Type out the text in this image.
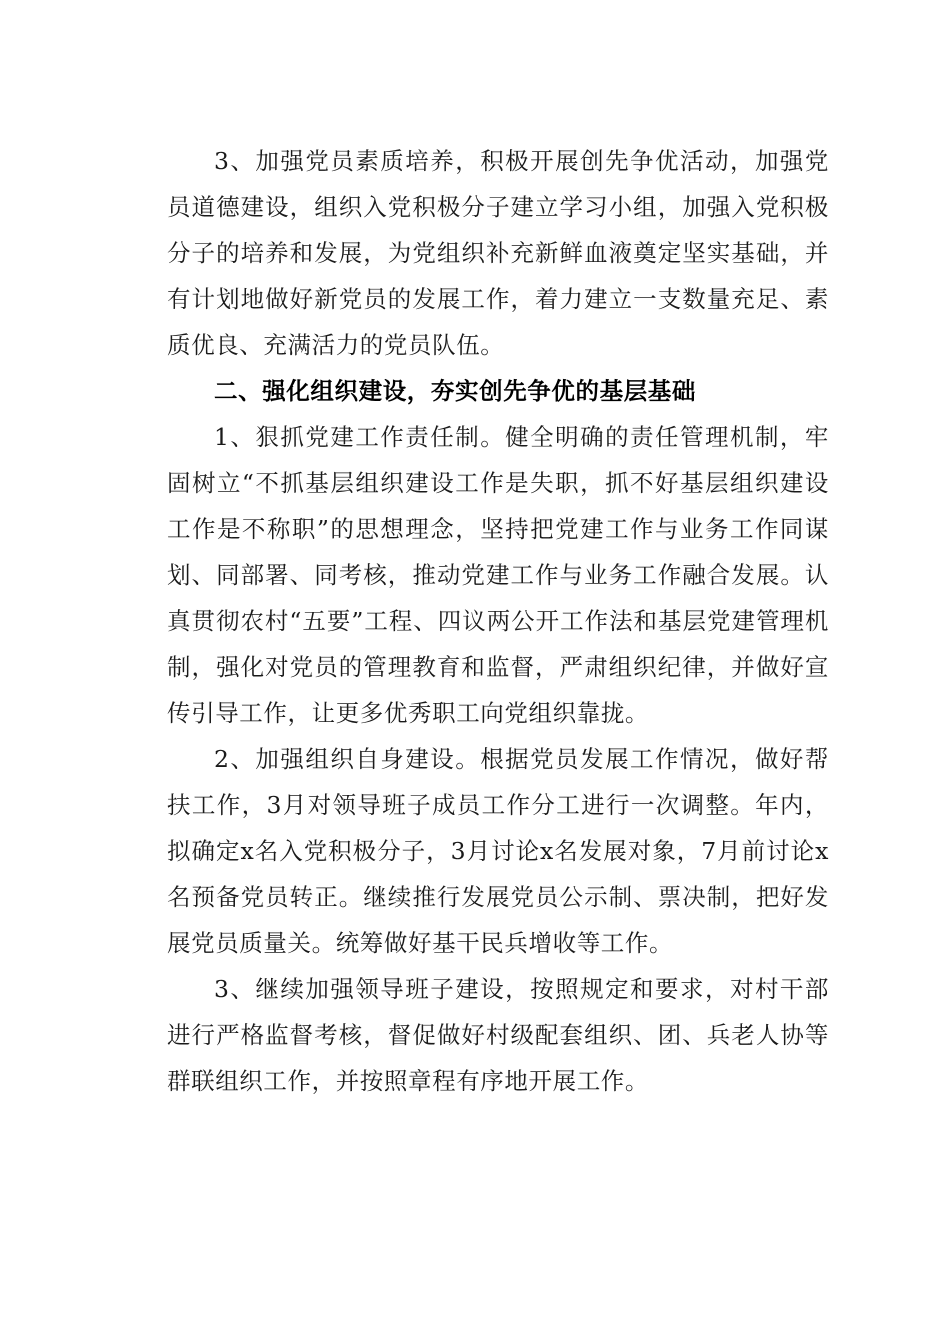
3、加强党员素质培养，积极开展创先争优活动，加强党员道德建设，组织入党积极分子建立学习小组，加强入党积极分子的培养和发展，为党组织补充新鲜血液奠定坚实基础，并有计划地做好新党员的发展工作，着力建立一支数量充足、素质优良、充满活力的党员队伍。

二、强化组织建设，夯实创先争优的基层基础

1、狠抓党建工作责任制。健全明确的责任管理机制，牢固树立“不抓基层组织建设工作是失职，抓不好基层组织建设工作是不称职”的思想理念，坚持把党建工作与业务工作同谋划、同部署、同考核，推动党建工作与业务工作融合发展。认真贯彻农村“五要”工程、四议两公开工作法和基层党建管理机制，强化对党员的管理教育和监督，严肃组织纪律，并做好宣传引导工作，让更多优秀职工向党组织靠拢。

2、加强组织自身建设。根据党员发展工作情况，做好帮扶工作，3月对领导班子成员工作分工进行一次调整。年内，拟确定x名入党积极分子，3月讨论x名发展对象，7月前讨论x名预备党员转正。继续推行发展党员公示制、票决制，把好发展党员质量关。统筹做好基干民兵增收等工作。

3、继续加强领导班子建设，按照规定和要求，对村干部进行严格监督考核，督促做好村级配套组织、团、兵老人协等群联组织工作，并按照章程有序地开展工作。
